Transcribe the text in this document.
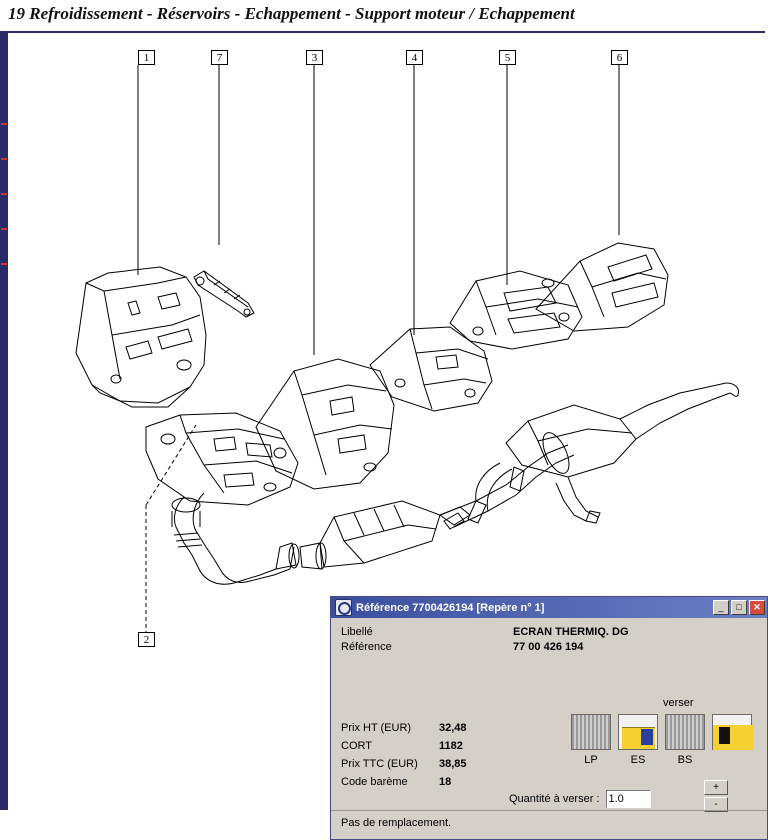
19 Refroidissement - Réservoirs - Echappement - Support moteur / Echappement
1	7	3	4	5	6
2
Référence 7700426194 [Repère n° 1]	_	□	✕
Libellé	ECRAN THERMIQ. DG
Référence	77 00 426 194
Prix HT (EUR)	32,48
CORT	1182
Prix TTC (EUR)	38,85
Code barème	18
verser
LP	ES	BS
Quantité à verser :
1.0
+
-
Pas de remplacement.
